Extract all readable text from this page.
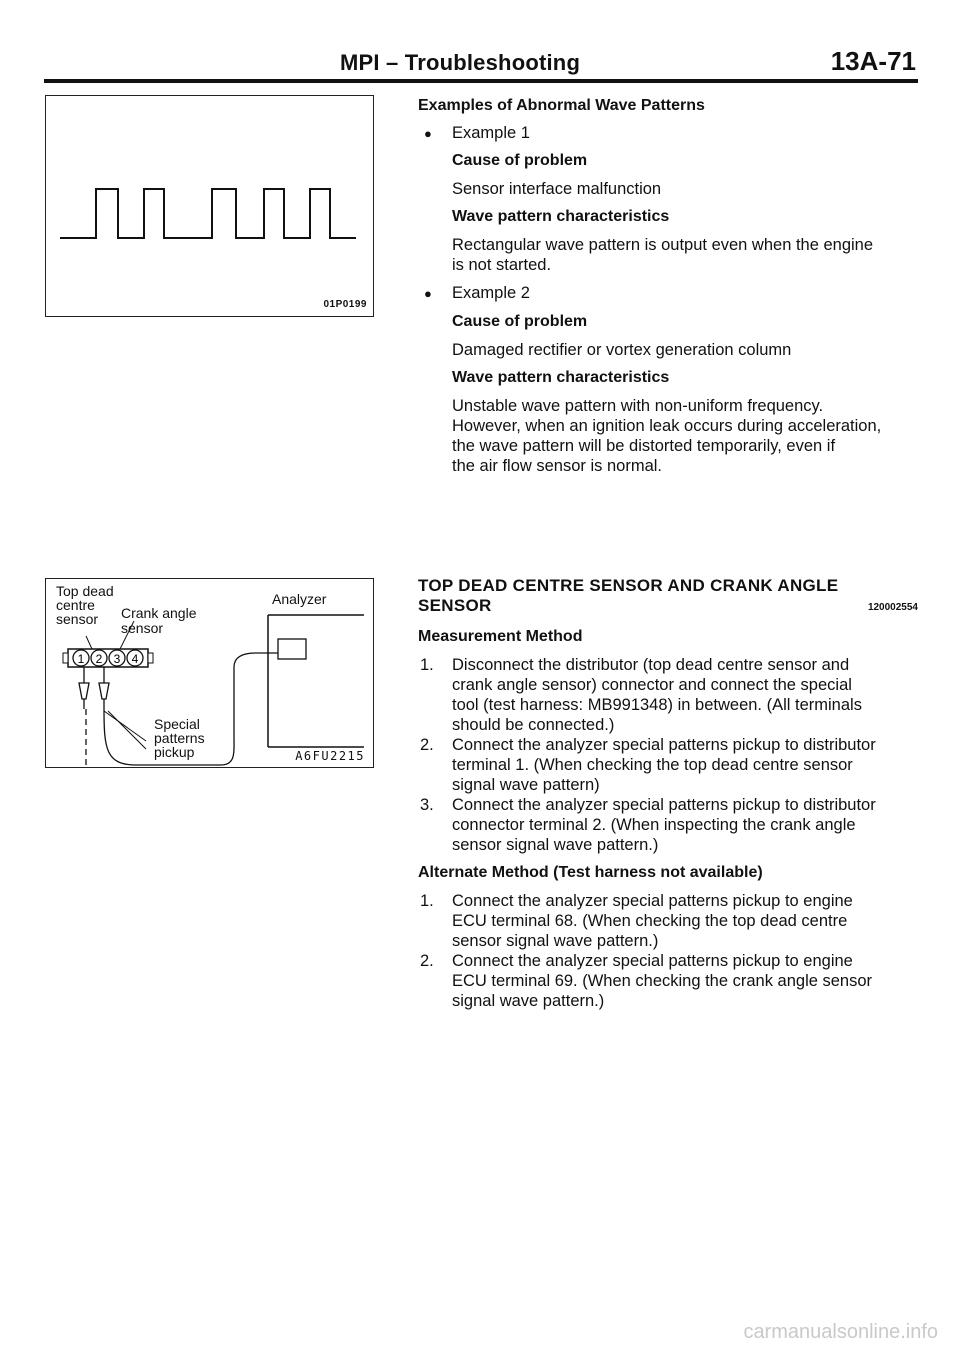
MPI – Troubleshooting	13A-71
01P0199
1 2 3 4
Top dead
centre
sensor	Crank angle
sensor
Analyzer
Special
patterns
pickup	A6FU2215
Examples of Abnormal Wave Patterns
● Example 1
Cause of problem
Sensor interface malfunction
Wave pattern characteristics
Rectangular wave pattern is output even when the engine
is not started.
● Example 2
Cause of problem
Damaged rectifier or vortex generation column
Wave pattern characteristics
Unstable wave pattern with non-uniform frequency.
However, when an ignition leak occurs during acceleration,
the wave pattern will be distorted temporarily, even if
the air flow sensor is normal.
TOP DEAD CENTRE SENSOR AND CRANK ANGLE
SENSOR	120002554
Measurement Method
1. Disconnect the distributor (top dead centre sensor and
crank angle sensor) connector and connect the special
tool (test harness: MB991348) in between. (All terminals
should be connected.)
2. Connect the analyzer special patterns pickup to distributor
terminal 1. (When checking the top dead centre sensor
signal wave pattern)
3. Connect the analyzer special patterns pickup to distributor
connector terminal 2. (When inspecting the crank angle
sensor signal wave pattern.)
Alternate Method (Test harness not available)
1. Connect the analyzer special patterns pickup to engine
ECU terminal 68. (When checking the top dead centre
sensor signal wave pattern.)
2. Connect the analyzer special patterns pickup to engine
ECU terminal 69. (When checking the crank angle sensor
signal wave pattern.)
carmanualsonline.info
